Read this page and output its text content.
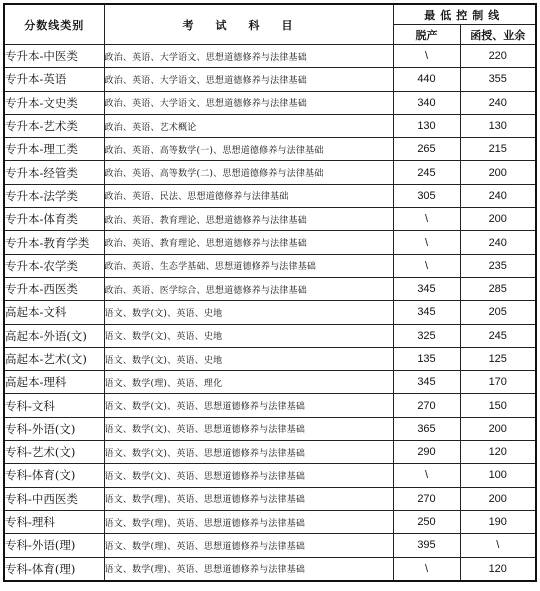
分数线类别	考试科目	最低控制线	
		脱产	函授、业余
专升本-中医类	政治、英语、大学语文、思想道德修养与法律基础	\	220
专升本-英语	政治、英语、大学语文、思想道德修养与法律基础	440	355
专升本-文史类	政治、英语、大学语文、思想道德修养与法律基础	340	240
专升本-艺术类	政治、英语、艺术概论	130	130
专升本-理工类	政治、英语、高等数学(一)、思想道德修养与法律基础	265	215
专升本-经管类	政治、英语、高等数学(二)、思想道德修养与法律基础	245	200
专升本-法学类	政治、英语、民法、思想道德修养与法律基础	305	240
专升本-体育类	政治、英语、教育理论、思想道德修养与法律基础	\	200
专升本-教育学类	政治、英语、教育理论、思想道德修养与法律基础	\	240
专升本-农学类	政治、英语、生态学基础、思想道德修养与法律基础	\	235
专升本-西医类	政治、英语、医学综合、思想道德修养与法律基础	345	285
高起本-文科	语文、数学(文)、英语、史地	345	205
高起本-外语(文)	语文、数学(文)、英语、史地	325	245
高起本-艺术(文)	语文、数学(文)、英语、史地	135	125
高起本-理科	语文、数学(理)、英语、理化	345	170
专科-文科	语文、数学(文)、英语、思想道德修养与法律基础	270	150
专科-外语(文)	语文、数学(文)、英语、思想道德修养与法律基础	365	200
专科-艺术(文)	语文、数学(文)、英语、思想道德修养与法律基础	290	120
专科-体育(文)	语文、数学(文)、英语、思想道德修养与法律基础	\	100
专科-中西医类	语文、数学(理)、英语、思想道德修养与法律基础	270	200
专科-理科	语文、数学(理)、英语、思想道德修养与法律基础	250	190
专科-外语(理)	语文、数学(理)、英语、思想道德修养与法律基础	395	\
专科-体育(理)	语文、数学(理)、英语、思想道德修养与法律基础	\	120
